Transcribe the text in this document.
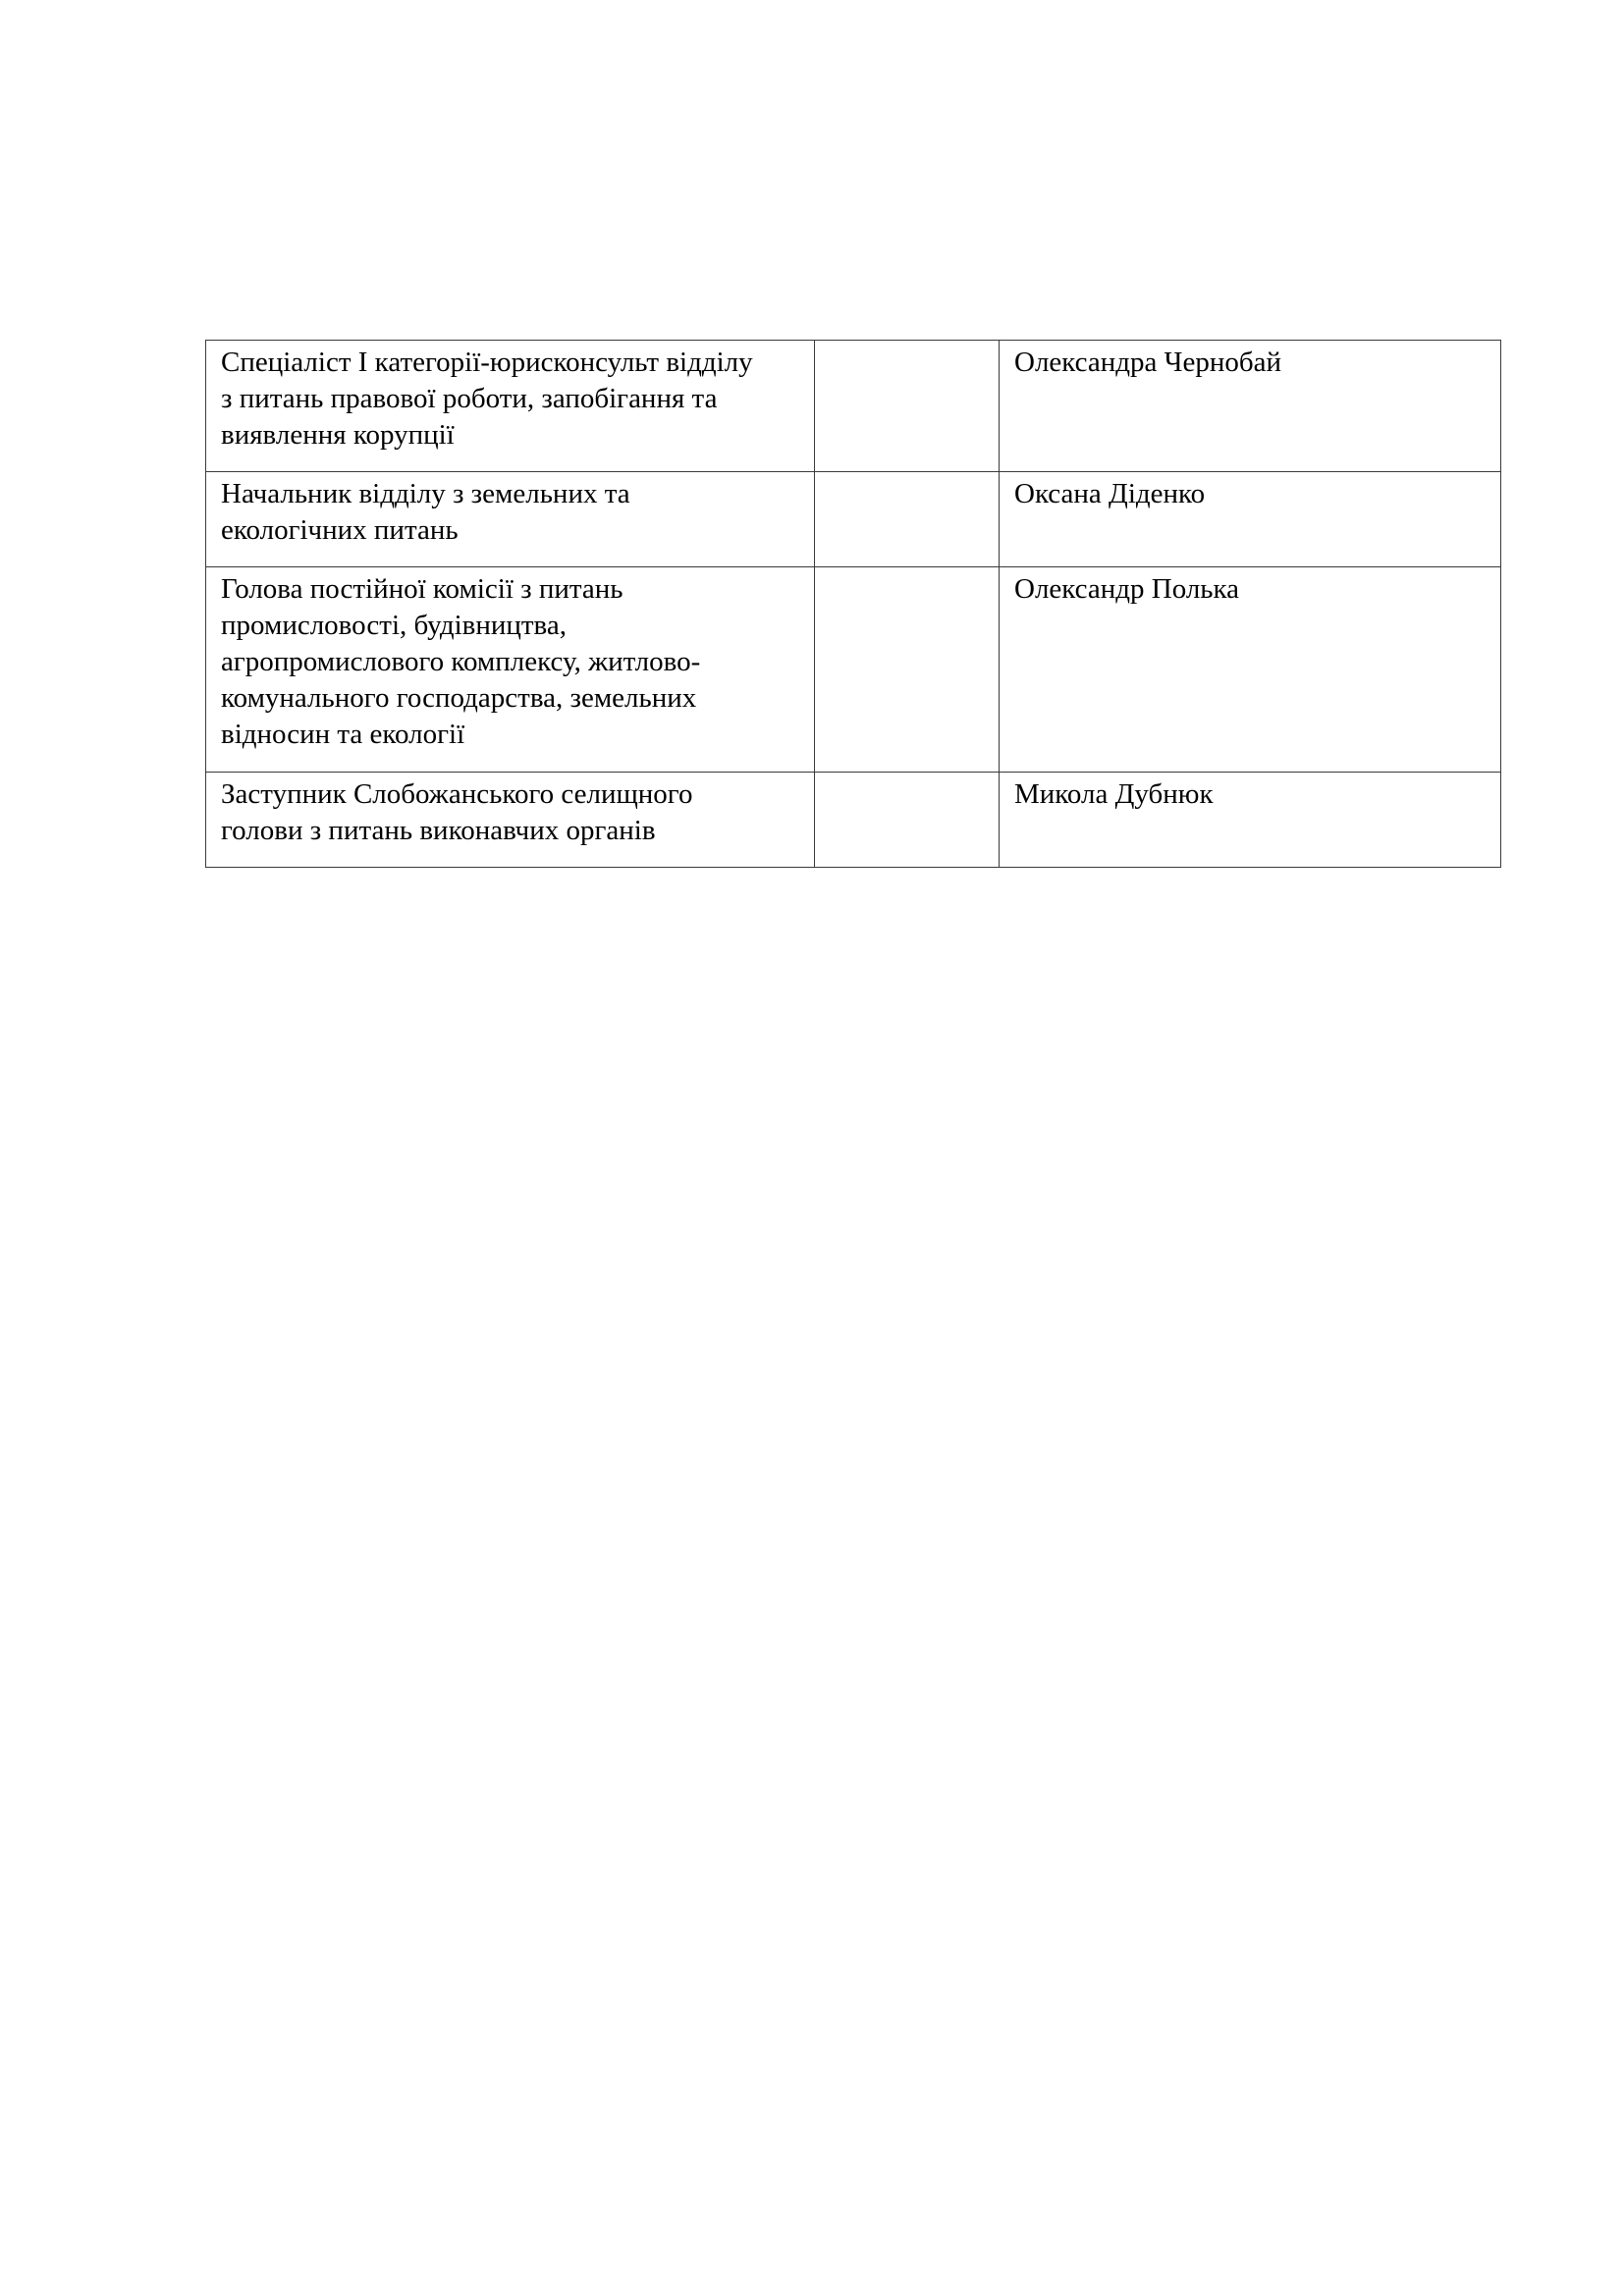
Спеціаліст І категорії-юрисконсульт відділу
з питань правової роботи, запобігання та
виявлення корупції		Олександра Чернобай

Начальник відділу з земельних та
екологічних питань		Оксана Діденко

Голова постійної комісії з питань
промисловості, будівництва,
агропромислового комплексу, житлово-
комунального господарства, земельних
відносин та екології		Олександр Полька

Заступник Слобожанського селищного
голови з питань виконавчих органів		Микола Дубнюк
